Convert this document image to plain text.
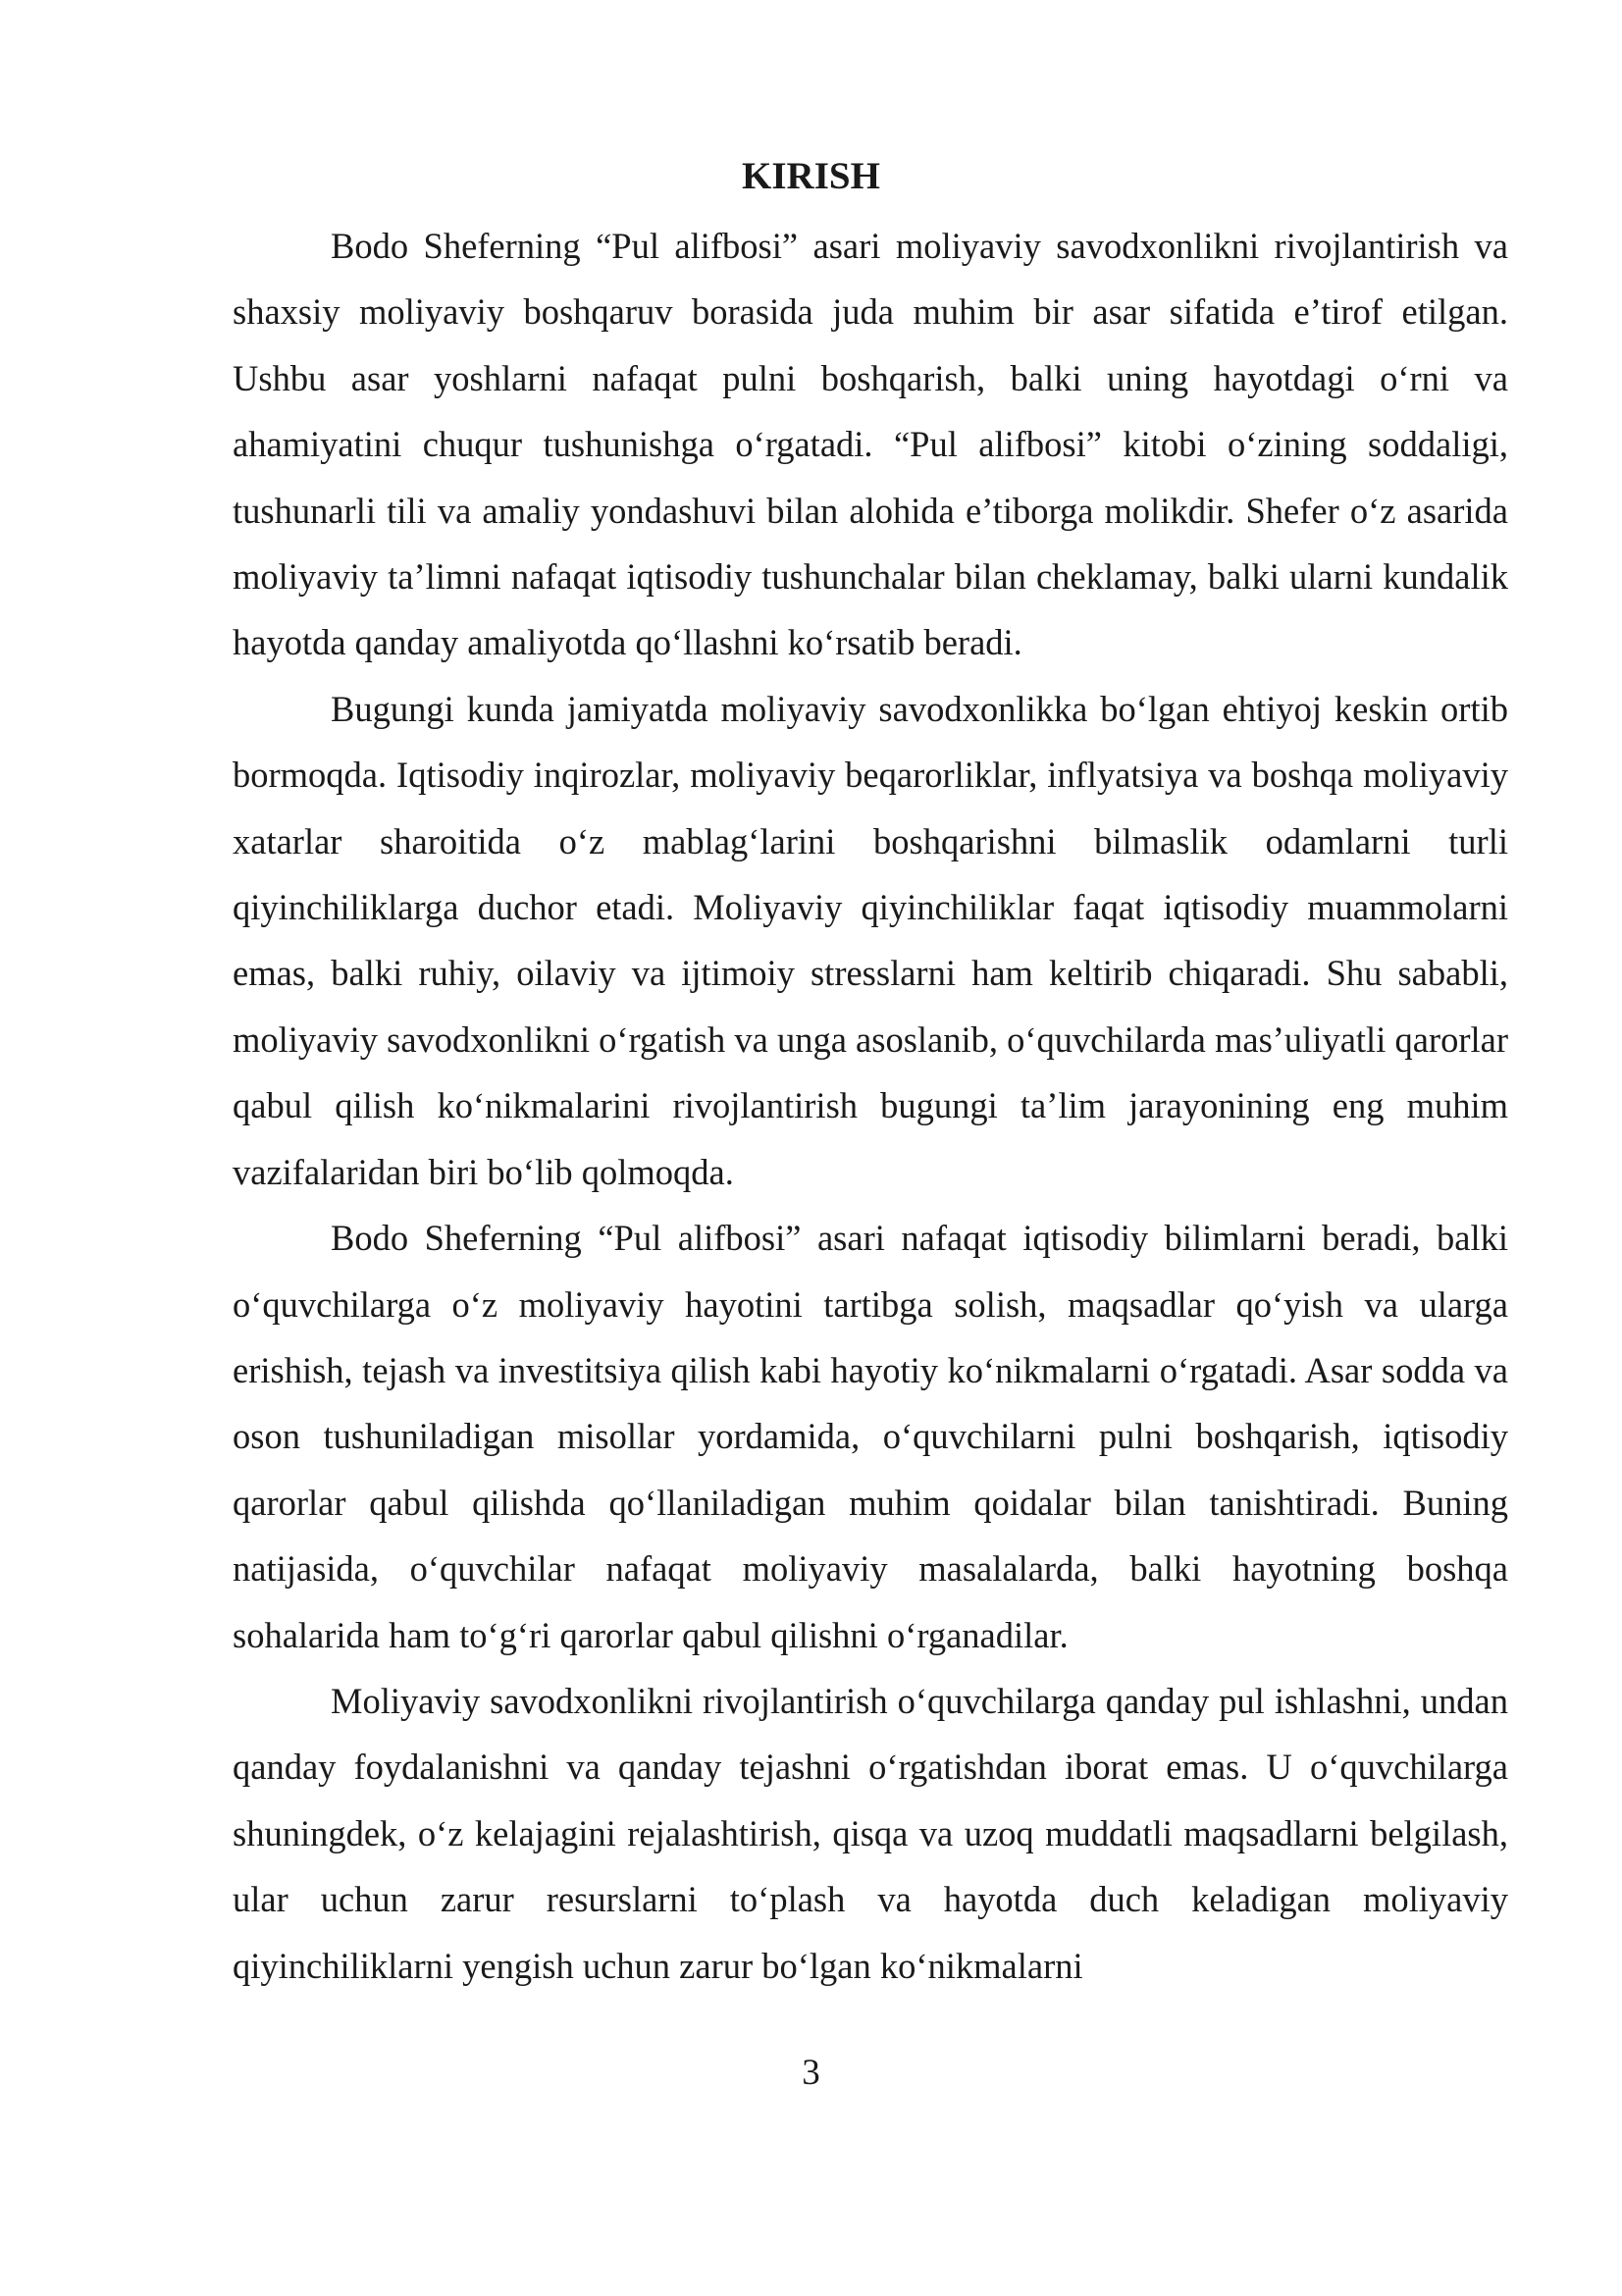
KIRISH

Bodo Sheferning “Pul alifbosi” asari moliyaviy savodxonlikni rivojlantirish va shaxsiy moliyaviy boshqaruv borasida juda muhim bir asar sifatida e’tirof etilgan. Ushbu asar yoshlarni nafaqat pulni boshqarish, balki uning hayotdagi o‘rni va ahamiyatini chuqur tushunishga o‘rgatadi. “Pul alifbosi” kitobi o‘zining soddaligi, tushunarli tili va amaliy yondashuvi bilan alohida e’tiborga molikdir. Shefer o‘z asarida moliyaviy ta’limni nafaqat iqtisodiy tushunchalar bilan cheklamay, balki ularni kundalik hayotda qanday amaliyotda qo‘llashni ko‘rsatib beradi.

Bugungi kunda jamiyatda moliyaviy savodxonlikka bo‘lgan ehtiyoj keskin ortib bormoqda. Iqtisodiy inqirozlar, moliyaviy beqarorliklar, inflyatsiya va boshqa moliyaviy xatarlar sharoitida o‘z mablag‘larini boshqarishni bilmaslik odamlarni turli qiyinchiliklarga duchor etadi. Moliyaviy qiyinchiliklar faqat iqtisodiy muammolarni emas, balki ruhiy, oilaviy va ijtimoiy stresslarni ham keltirib chiqaradi. Shu sababli, moliyaviy savodxonlikni o‘rgatish va unga asoslanib, o‘quvchilarda mas’uliyatli qarorlar qabul qilish ko‘nikmalarini rivojlantirish bugungi ta’lim jarayonining eng muhim vazifalaridan biri bo‘lib qolmoqda.

Bodo Sheferning “Pul alifbosi” asari nafaqat iqtisodiy bilimlarni beradi, balki o‘quvchilarga o‘z moliyaviy hayotini tartibga solish, maqsadlar qo‘yish va ularga erishish, tejash va investitsiya qilish kabi hayotiy ko‘nikmalarni o‘rgatadi. Asar sodda va oson tushuniladigan misollar yordamida, o‘quvchilarni pulni boshqarish, iqtisodiy qarorlar qabul qilishda qo‘llaniladigan muhim qoidalar bilan tanishtiradi. Buning natijasida, o‘quvchilar nafaqat moliyaviy masalalarda, balki hayotning boshqa sohalarida ham to‘g‘ri qarorlar qabul qilishni o‘rganadilar.

Moliyaviy savodxonlikni rivojlantirish o‘quvchilarga qanday pul ishlashni, undan qanday foydalanishni va qanday tejashni o‘rgatishdan iborat emas. U o‘quvchilarga shuningdek, o‘z kelajagini rejalashtirish, qisqa va uzoq muddatli maqsadlarni belgilash, ular uchun zarur resurslarni to‘plash va hayotda duch keladigan moliyaviy qiyinchiliklarni yengish uchun zarur bo‘lgan ko‘nikmalarni

3
